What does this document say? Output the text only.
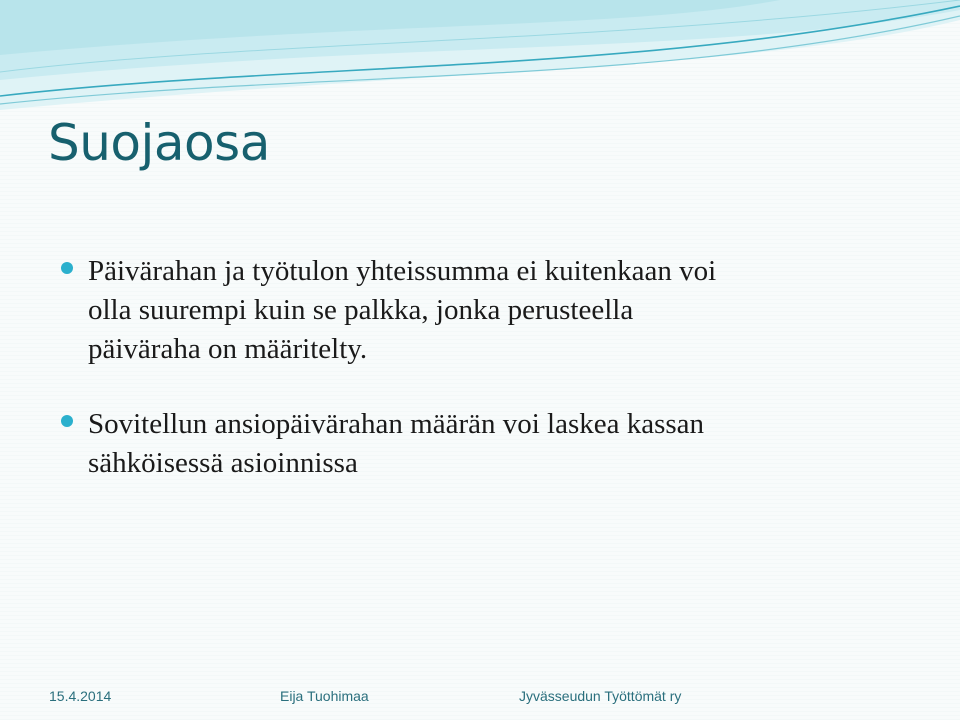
Suojaosa
Päivärahan ja työtulon yhteissumma ei kuitenkaan voi
olla suurempi kuin se palkka, jonka perusteella
päiväraha on määritelty.
Sovitellun ansiopäivärahan määrän voi laskea kassan
sähköisessä asioinnissa
15.4.2014	Eija Tuohimaa	Jyvässeudun Työttömät ry
